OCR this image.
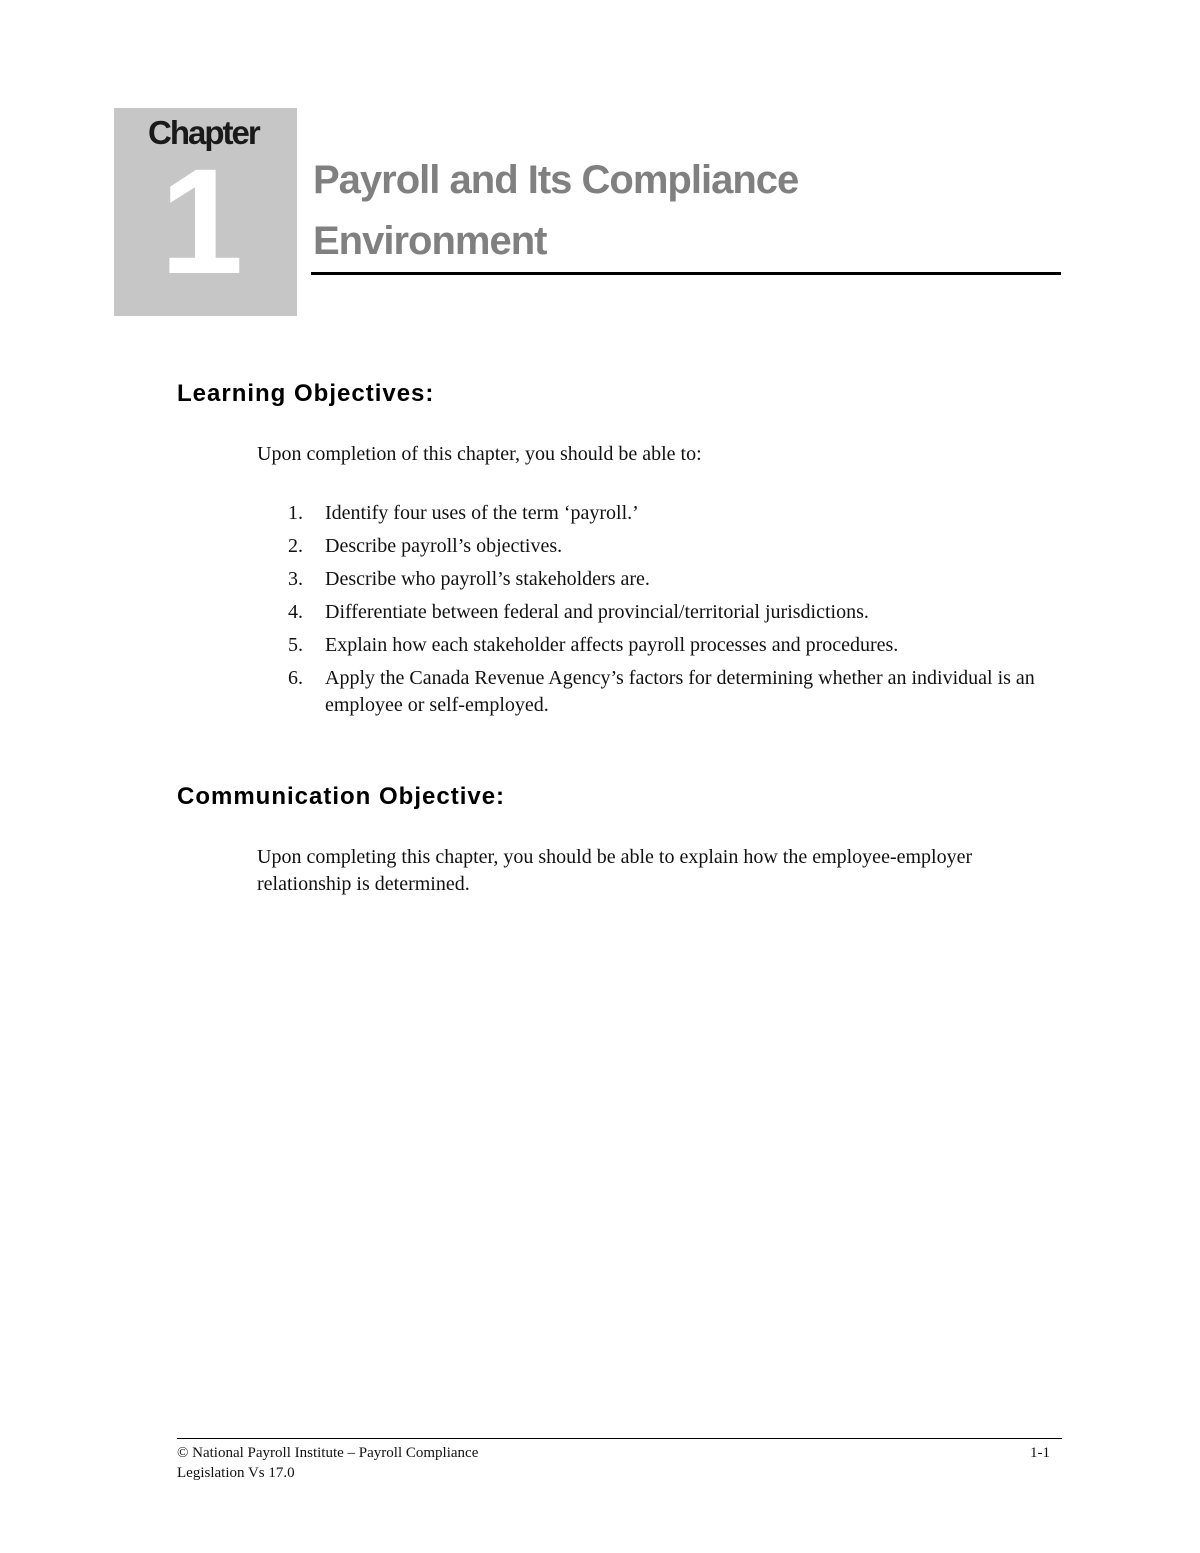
Chapter
1 Payroll and Its Compliance
Environment
Learning Objectives:
Upon completion of this chapter, you should be able to:
1.	Identify four uses of the term ‘payroll.’
2.	Describe payroll’s objectives.
3.	Describe who payroll’s stakeholders are.
4.	Differentiate between federal and provincial/territorial jurisdictions.
5.	Explain how each stakeholder affects payroll processes and procedures.
6.	Apply the Canada Revenue Agency’s factors for determining whether an individual is an employee or self-employed.
Communication Objective:
Upon completing this chapter, you should be able to explain how the employee-employer relationship is determined.
© National Payroll Institute – Payroll Compliance
Legislation Vs 17.0
1-1
